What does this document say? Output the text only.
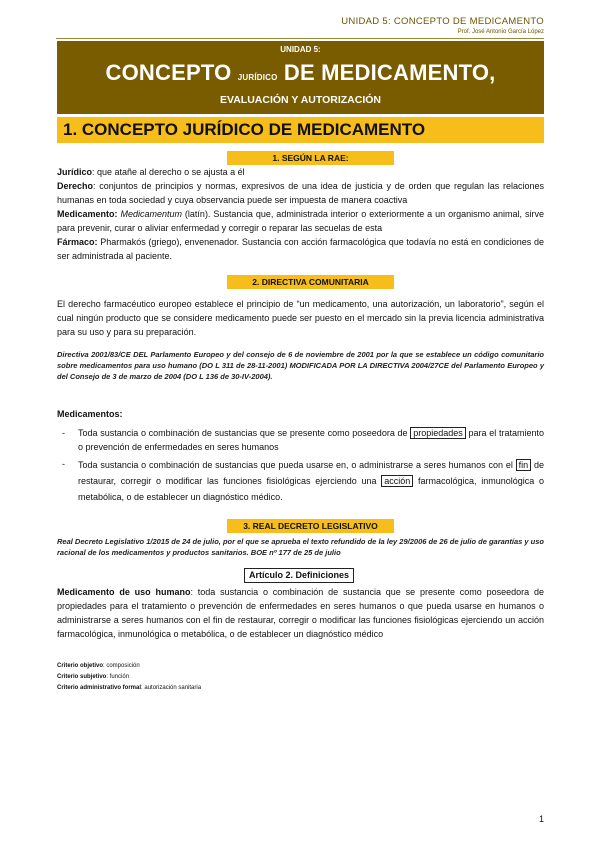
UNIDAD 5: CONCEPTO DE MEDICAMENTO
Prof. José Antonio García López
UNIDAD 5:
CONCEPTO JURÍDICO DE MEDICAMENTO,
EVALUACIÓN Y AUTORIZACIÓN
1. CONCEPTO JURÍDICO DE MEDICAMENTO
1. SEGÚN LA RAE:
Jurídico: que atañe al derecho o se ajusta a él
Derecho: conjuntos de principios y normas, expresivos de una idea de justicia y de orden que regulan las relaciones humanas en toda sociedad y cuya observancia puede ser impuesta de manera coactiva
Medicamento: Medicamentum (latín). Sustancia que, administrada interior o exteriormente a un organismo animal, sirve para prevenir, curar o aliviar enfermedad y corregir o reparar las secuelas de esta
Fármaco: Pharmakós (griego), envenenador. Sustancia con acción farmacológica que todavía no está en condiciones de ser administrada al paciente.
2. DIRECTIVA COMUNITARIA
El derecho farmacéutico europeo establece el principio de “un medicamento, una autorización, un laboratorio”, según el cual ningún producto que se considere medicamento puede ser puesto en el mercado sin la previa licencia administrativa para su uso y para su preparación.
Directiva 2001/83/CE DEL Parlamento Europeo y del consejo de 6 de noviembre de 2001 por la que se establece un código comunitario sobre medicamentos para uso humano (DO L 311 de 28-11-2001) MODIFICADA POR LA DIRECTIVA 2004/27CE del Parlamento Europeo y del Consejo de 3 de marzo de 2004 (DO L 136 de 30-IV-2004).
Medicamentos:
- Toda sustancia o combinación de sustancias que se presente como poseedora de propiedades para el tratamiento o prevención de enfermedades en seres humanos
- Toda sustancia o combinación de sustancias que pueda usarse en, o administrarse a seres humanos con el fin de restaurar, corregir o modificar las funciones fisiológicas ejerciendo una acción farmacológica, inmunológica o metabólica, o de establecer un diagnóstico médico.
3. REAL DECRETO LEGISLATIVO
Real Decreto Legislativo 1/2015 de 24 de julio, por el que se aprueba el texto refundido de la ley 29/2006 de 26 de julio de garantías y uso racional de los medicamentos y productos sanitarios. BOE nº 177 de 25 de julio
Artículo 2. Definiciones
Medicamento de uso humano: toda sustancia o combinación de sustancia que se presente como poseedora de propiedades para el tratamiento o prevención de enfermedades en seres humanos o que pueda usarse en humanos o administrarse a seres humanos con el fin de restaurar, corregir o modificar las funciones fisiológicas ejerciendo un acción farmacológica, inmunológica o metabólica, o de establecer un diagnóstico médico
Criterio objetivo: composición
Criterio subjetivo: función
Criterio administrativo formal: autorización sanitaria
1
